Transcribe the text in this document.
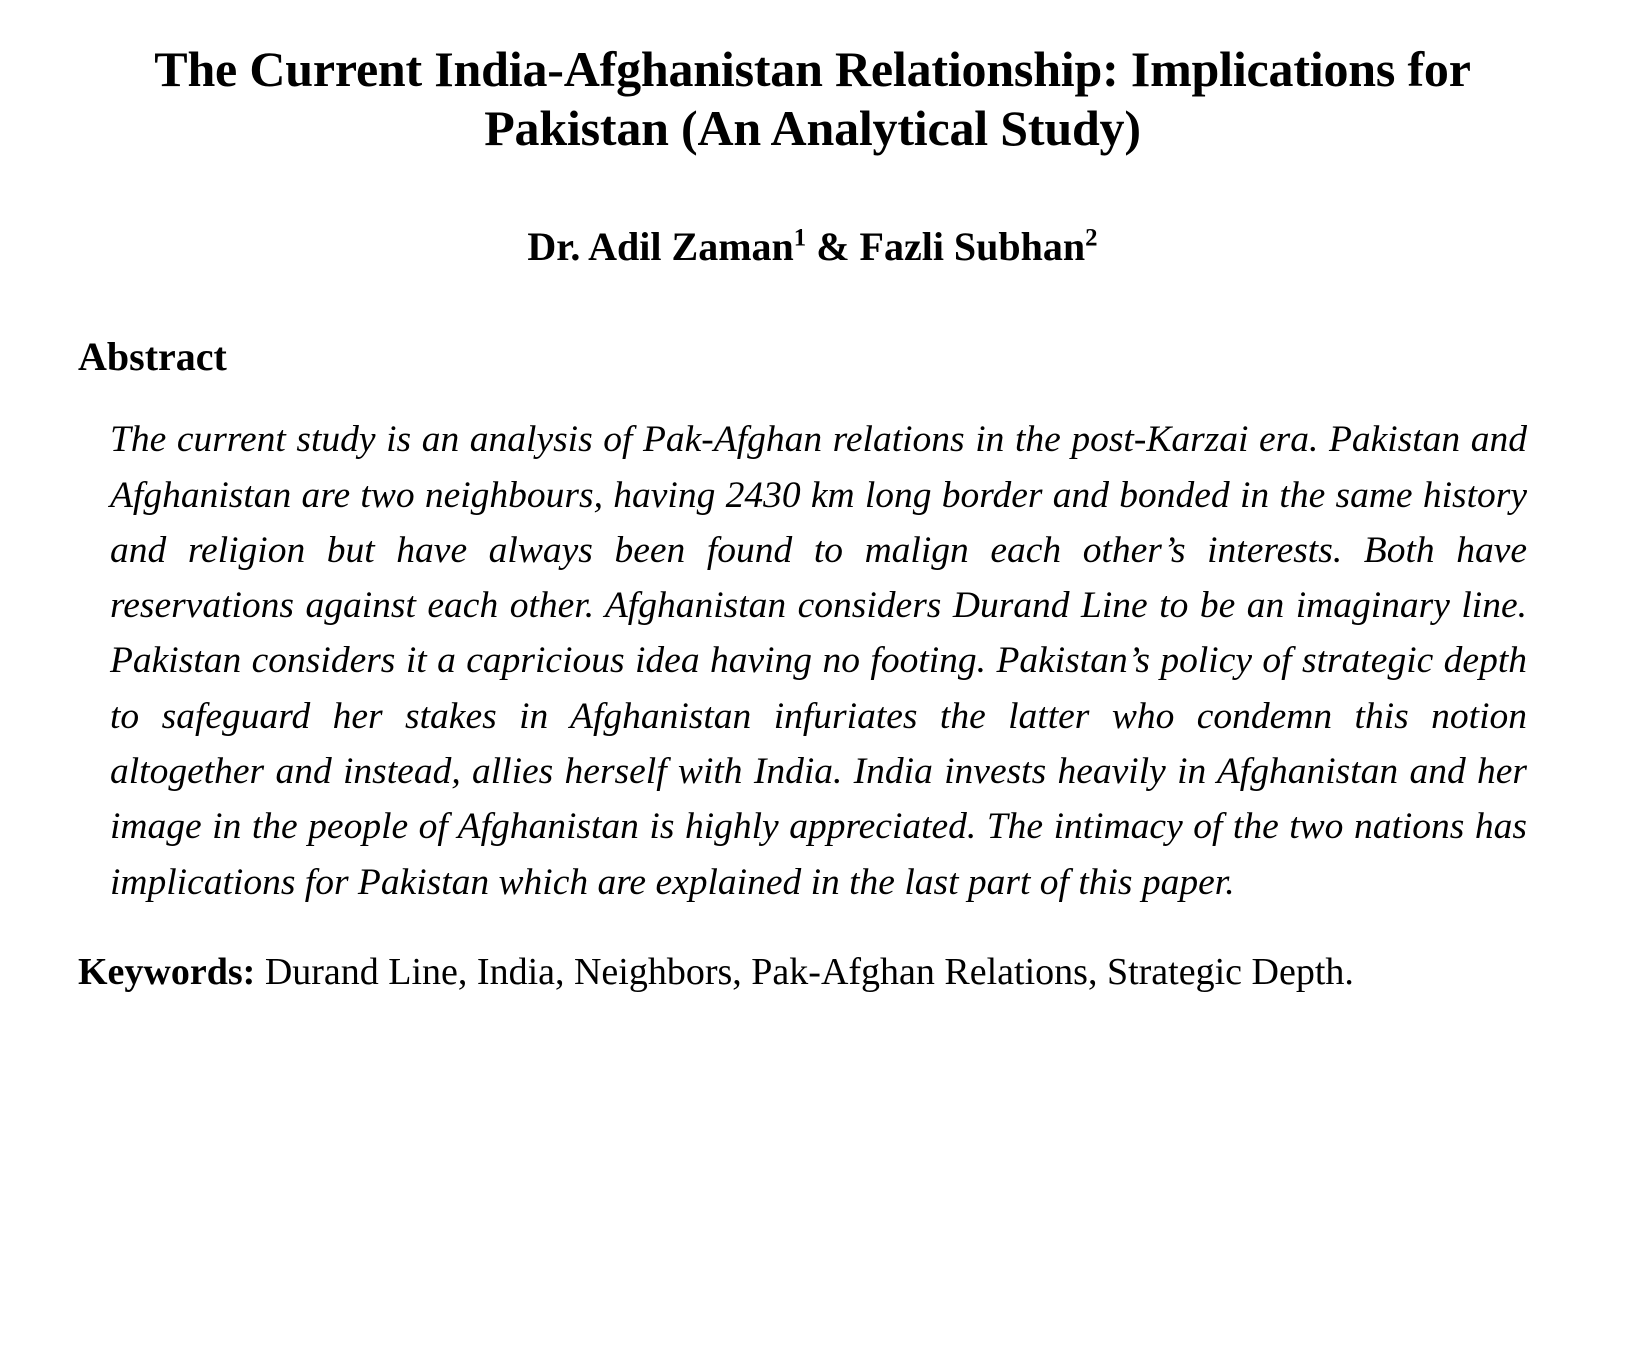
The Current India-Afghanistan Relationship: Implications for Pakistan (An Analytical Study)
Dr. Adil Zaman$^1$ & Fazli Subhan$^2$
Abstract

The current study is an analysis of Pak-Afghan relations in the post-Karzai era. Pakistan and Afghanistan are two neighbours, having 2430 km long border and bonded in the same history and religion but have always been found to malign each other’s interests. Both have reservations against each other. Afghanistan considers Durand Line to be an imaginary line. Pakistan considers it a capricious idea having no footing. Pakistan’s policy of strategic depth to safeguard her stakes in Afghanistan infuriates the latter who condemn this notion altogether and instead, allies herself with India. India invests heavily in Afghanistan and her image in the people of Afghanistan is highly appreciated. The intimacy of the two nations has implications for Pakistan which are explained in the last part of this paper.

Keywords: Durand Line, India, Neighbors, Pak-Afghan Relations, Strategic Depth.
